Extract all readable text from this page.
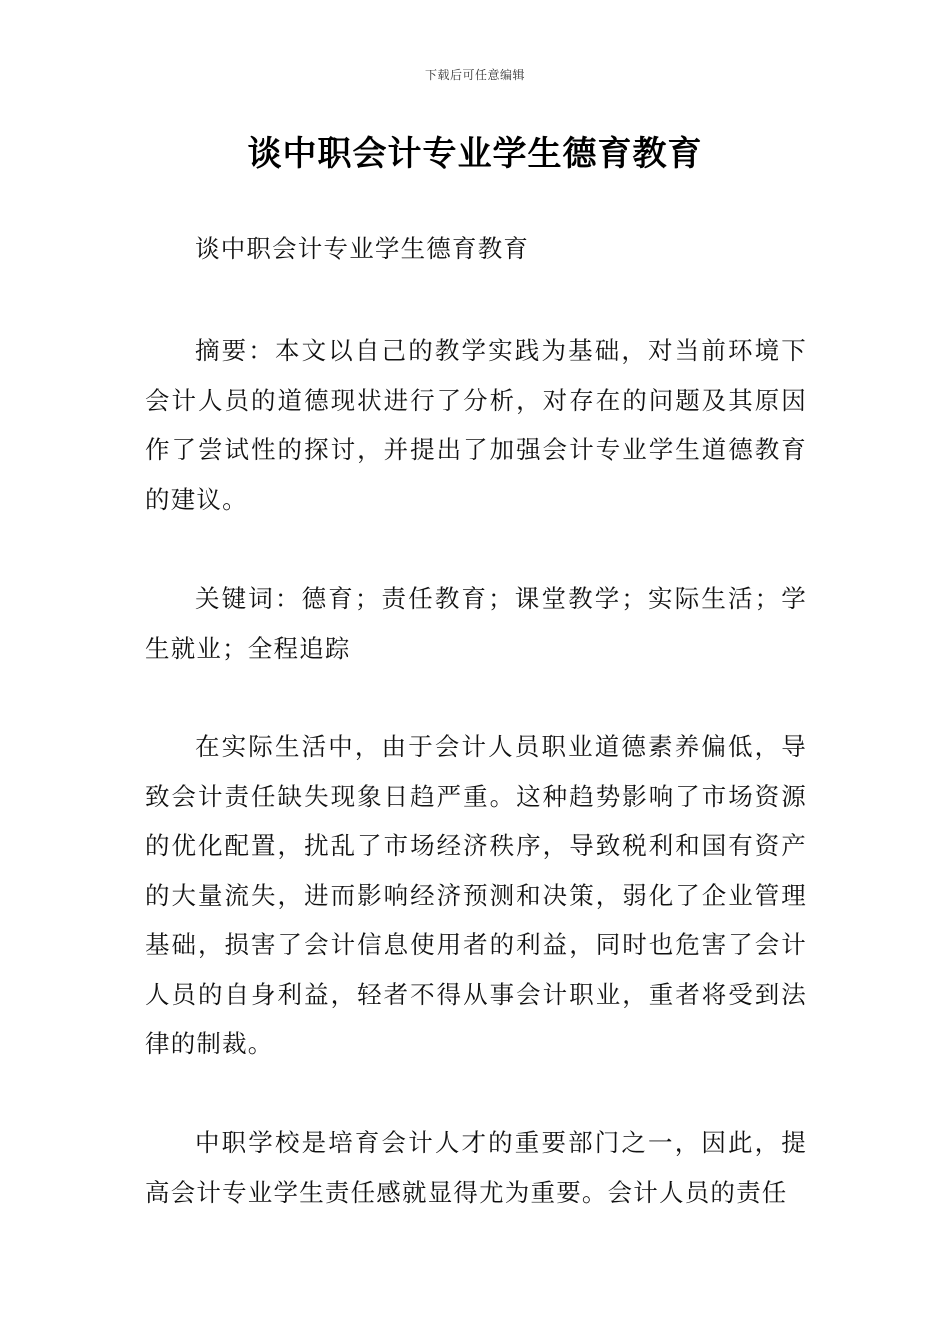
下载后可任意编辑
谈中职会计专业学生德育教育
谈中职会计专业学生德育教育
摘要：本文以自己的教学实践为基础，对当前环境下会计人员的道德现状进行了分析，对存在的问题及其原因作了尝试性的探讨，并提出了加强会计专业学生道德教育的建议。
关键词：德育；责任教育；课堂教学；实际生活；学生就业；全程追踪
在实际生活中，由于会计人员职业道德素养偏低，导致会计责任缺失现象日趋严重。这种趋势影响了市场资源的优化配置，扰乱了市场经济秩序，导致税利和国有资产的大量流失，进而影响经济预测和决策，弱化了企业管理基础，损害了会计信息使用者的利益，同时也危害了会计人员的自身利益，轻者不得从事会计职业，重者将受到法律的制裁。
中职学校是培育会计人才的重要部门之一，因此，提高会计专业学生责任感就显得尤为重要。会计人员的责任
